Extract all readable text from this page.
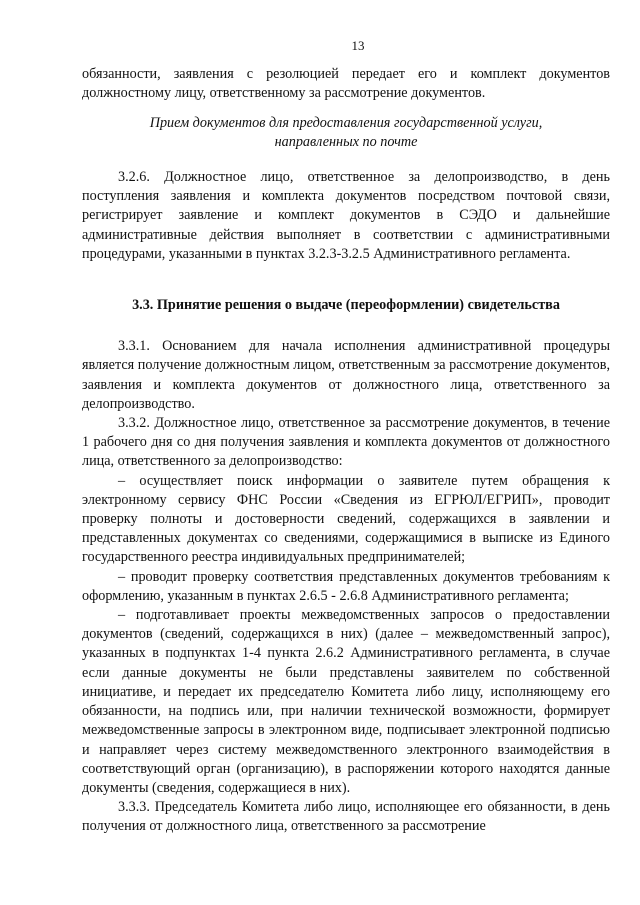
13

обязанности, заявления с резолюцией передает его и комплект документов должностному лицу, ответственному за рассмотрение документов.

Прием документов для предоставления государственной услуги,
направленных по почте

3.2.6. Должностное лицо, ответственное за делопроизводство, в день поступления заявления и комплекта документов посредством почтовой связи, регистрирует заявление и комплект документов в СЭДО и дальнейшие административные действия выполняет в соответствии с административными процедурами, указанными в пунктах 3.2.3-3.2.5 Административного регламента.

3.3. Принятие решения о выдаче (переоформлении) свидетельства

3.3.1. Основанием для начала исполнения административной процедуры является получение должностным лицом, ответственным за рассмотрение документов, заявления и комплекта документов от должностного лица, ответственного за делопроизводство.

3.3.2. Должностное лицо, ответственное за рассмотрение документов, в течение 1 рабочего дня со дня получения заявления и комплекта документов от должностного лица, ответственного за делопроизводство:

– осуществляет поиск информации о заявителе путем обращения к электронному сервису ФНС России «Сведения из ЕГРЮЛ/ЕГРИП», проводит проверку полноты и достоверности сведений, содержащихся в заявлении и представленных документах со сведениями, содержащимися в выписке из Единого государственного реестра индивидуальных предпринимателей;

– проводит проверку соответствия представленных документов требованиям к оформлению, указанным в пунктах 2.6.5 - 2.6.8 Административного регламента;

– подготавливает проекты межведомственных запросов о предоставлении документов (сведений, содержащихся в них) (далее – межведомственный запрос), указанных в подпунктах 1-4 пункта 2.6.2 Административного регламента, в случае если данные документы не были представлены заявителем по собственной инициативе, и передает их председателю Комитета либо лицу, исполняющему его обязанности, на подпись или, при наличии технической возможности, формирует межведомственные запросы в электронном виде, подписывает электронной подписью и направляет через систему межведомственного электронного взаимодействия в соответствующий орган (организацию), в распоряжении которого находятся данные документы (сведения, содержащиеся в них).

3.3.3. Председатель Комитета либо лицо, исполняющее его обязанности, в день получения от должностного лица, ответственного за рассмотрение
